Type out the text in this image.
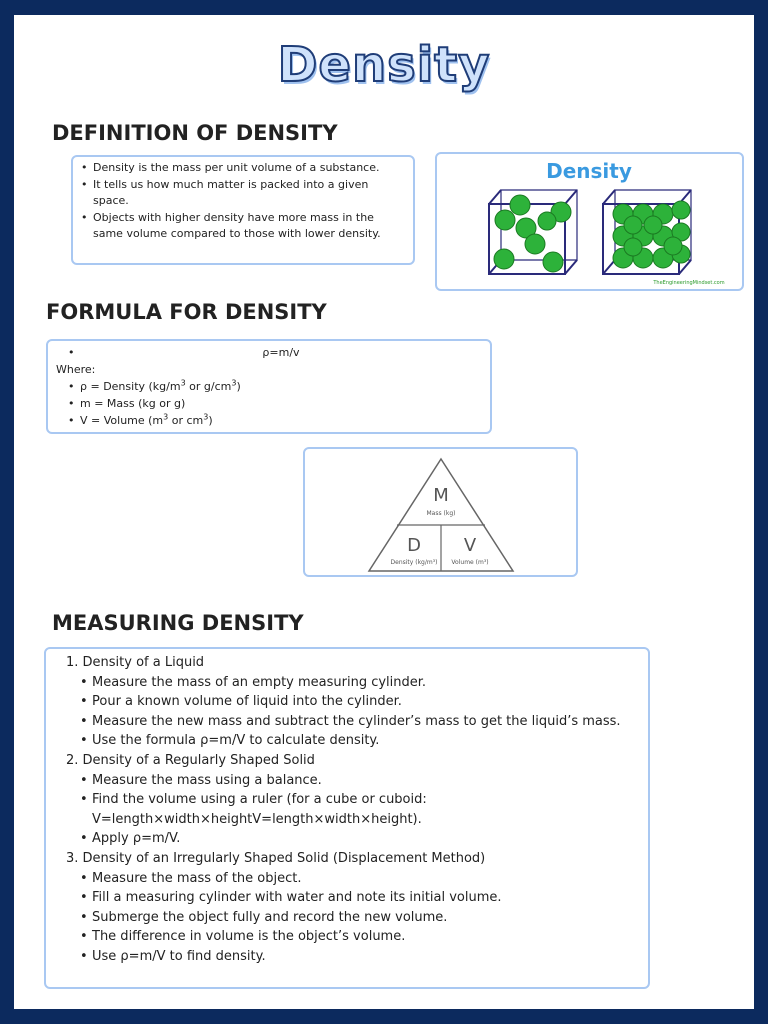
Density
DEFINITION OF DENSITY
• Density is the mass per unit volume of a substance.
• It tells us how much matter is packed into a given space.
• Objects with higher density have more mass in the same volume compared to those with lower density.
Density
TheEngineeringMindset.com
FORMULA FOR DENSITY
•	ρ=m/v
Where:
• ρ = Density ($kg/m^3$ or $g/cm^3$)
• m = Mass (kg or g)
• V = Volume ($m^3$ or $cm^3$)
M
Mass (kg)
D
Density (kg/m³)
V
Volume (m³)
MEASURING DENSITY
1. Density of a Liquid
• Measure the mass of an empty measuring cylinder.
• Pour a known volume of liquid into the cylinder.
• Measure the new mass and subtract the cylinder’s mass to get the liquid’s mass.
• Use the formula ρ=m/V to calculate density.
2. Density of a Regularly Shaped Solid
• Measure the mass using a balance.
• Find the volume using a ruler (for a cube or cuboid: V=length×width×heightV=length×width×height).
• Apply ρ=m/V.
3. Density of an Irregularly Shaped Solid (Displacement Method)
• Measure the mass of the object.
• Fill a measuring cylinder with water and note its initial volume.
• Submerge the object fully and record the new volume.
• The difference in volume is the object’s volume.
• Use ρ=m/V to find density.
